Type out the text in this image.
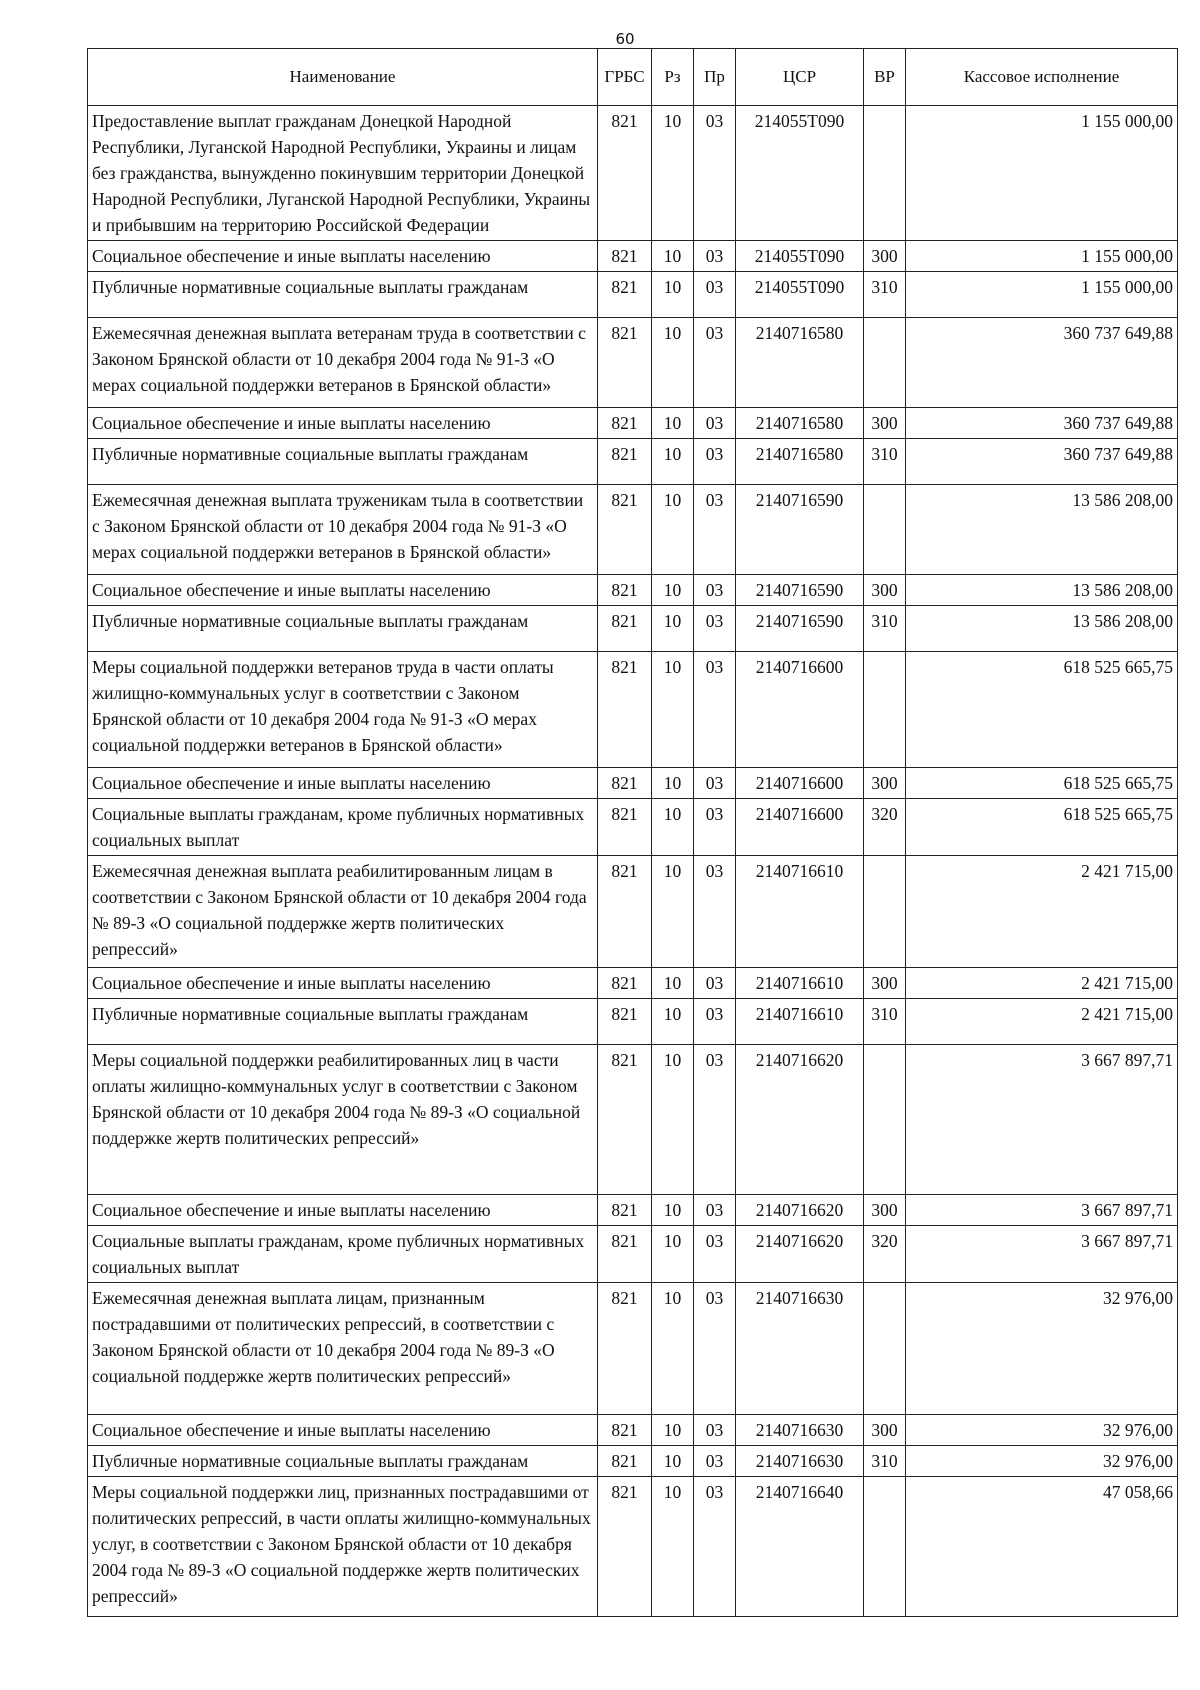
60
Наименование	ГРБС	Рз	Пр	ЦСР	ВР	Кассовое исполнение
Предоставление выплат гражданам Донецкой Народной Республики, Луганской Народной Республики, Украины и лицам без гражданства, вынужденно покинувшим территории Донецкой Народной Республики, Луганской Народной Республики, Украины и прибывшим на территорию Российской Федерации	821	10	03	214055Т090		1 155 000,00
Социальное обеспечение и иные выплаты населению	821	10	03	214055Т090	300	1 155 000,00
Публичные нормативные социальные выплаты гражданам	821	10	03	214055Т090	310	1 155 000,00
Ежемесячная денежная выплата ветеранам труда в соответствии с Законом Брянской области от 10 декабря 2004 года № 91-З «О мерах социальной поддержки ветеранов в Брянской области»	821	10	03	2140716580		360 737 649,88
Социальное обеспечение и иные выплаты населению	821	10	03	2140716580	300	360 737 649,88
Публичные нормативные социальные выплаты гражданам	821	10	03	2140716580	310	360 737 649,88
Ежемесячная денежная выплата труженикам тыла в соответствии с Законом Брянской области от 10 декабря 2004 года № 91-З «О мерах социальной поддержки ветеранов в Брянской области»	821	10	03	2140716590		13 586 208,00
Социальное обеспечение и иные выплаты населению	821	10	03	2140716590	300	13 586 208,00
Публичные нормативные социальные выплаты гражданам	821	10	03	2140716590	310	13 586 208,00
Меры социальной поддержки ветеранов труда в части оплаты жилищно-коммунальных услуг в соответствии с Законом Брянской области от 10 декабря 2004 года № 91-З «О мерах социальной поддержки ветеранов в Брянской области»	821	10	03	2140716600		618 525 665,75
Социальное обеспечение и иные выплаты населению	821	10	03	2140716600	300	618 525 665,75
Социальные выплаты гражданам, кроме публичных нормативных социальных выплат	821	10	03	2140716600	320	618 525 665,75
Ежемесячная денежная выплата реабилитированным лицам в соответствии с Законом Брянской области от 10 декабря 2004 года № 89-З «О социальной поддержке жертв политических репрессий»	821	10	03	2140716610		2 421 715,00
Социальное обеспечение и иные выплаты населению	821	10	03	2140716610	300	2 421 715,00
Публичные нормативные социальные выплаты гражданам	821	10	03	2140716610	310	2 421 715,00
Меры социальной поддержки реабилитированных лиц в части оплаты жилищно-коммунальных услуг в соответствии с Законом Брянской области от 10 декабря 2004 года № 89-З «О социальной поддержке жертв политических репрессий»	821	10	03	2140716620		3 667 897,71
Социальное обеспечение и иные выплаты населению	821	10	03	2140716620	300	3 667 897,71
Социальные выплаты гражданам, кроме публичных нормативных социальных выплат	821	10	03	2140716620	320	3 667 897,71
Ежемесячная денежная выплата лицам, признанным пострадавшими от политических репрессий, в соответствии с Законом Брянской области от 10 декабря 2004 года № 89-З «О социальной поддержке жертв политических репрессий»	821	10	03	2140716630		32 976,00
Социальное обеспечение и иные выплаты населению	821	10	03	2140716630	300	32 976,00
Публичные нормативные социальные выплаты гражданам	821	10	03	2140716630	310	32 976,00
Меры социальной поддержки лиц, признанных пострадавшими от политических репрессий, в части оплаты жилищно-коммунальных услуг, в соответствии с Законом Брянской области от 10 декабря 2004 года № 89-З «О социальной поддержке жертв политических репрессий»	821	10	03	2140716640		47 058,66
